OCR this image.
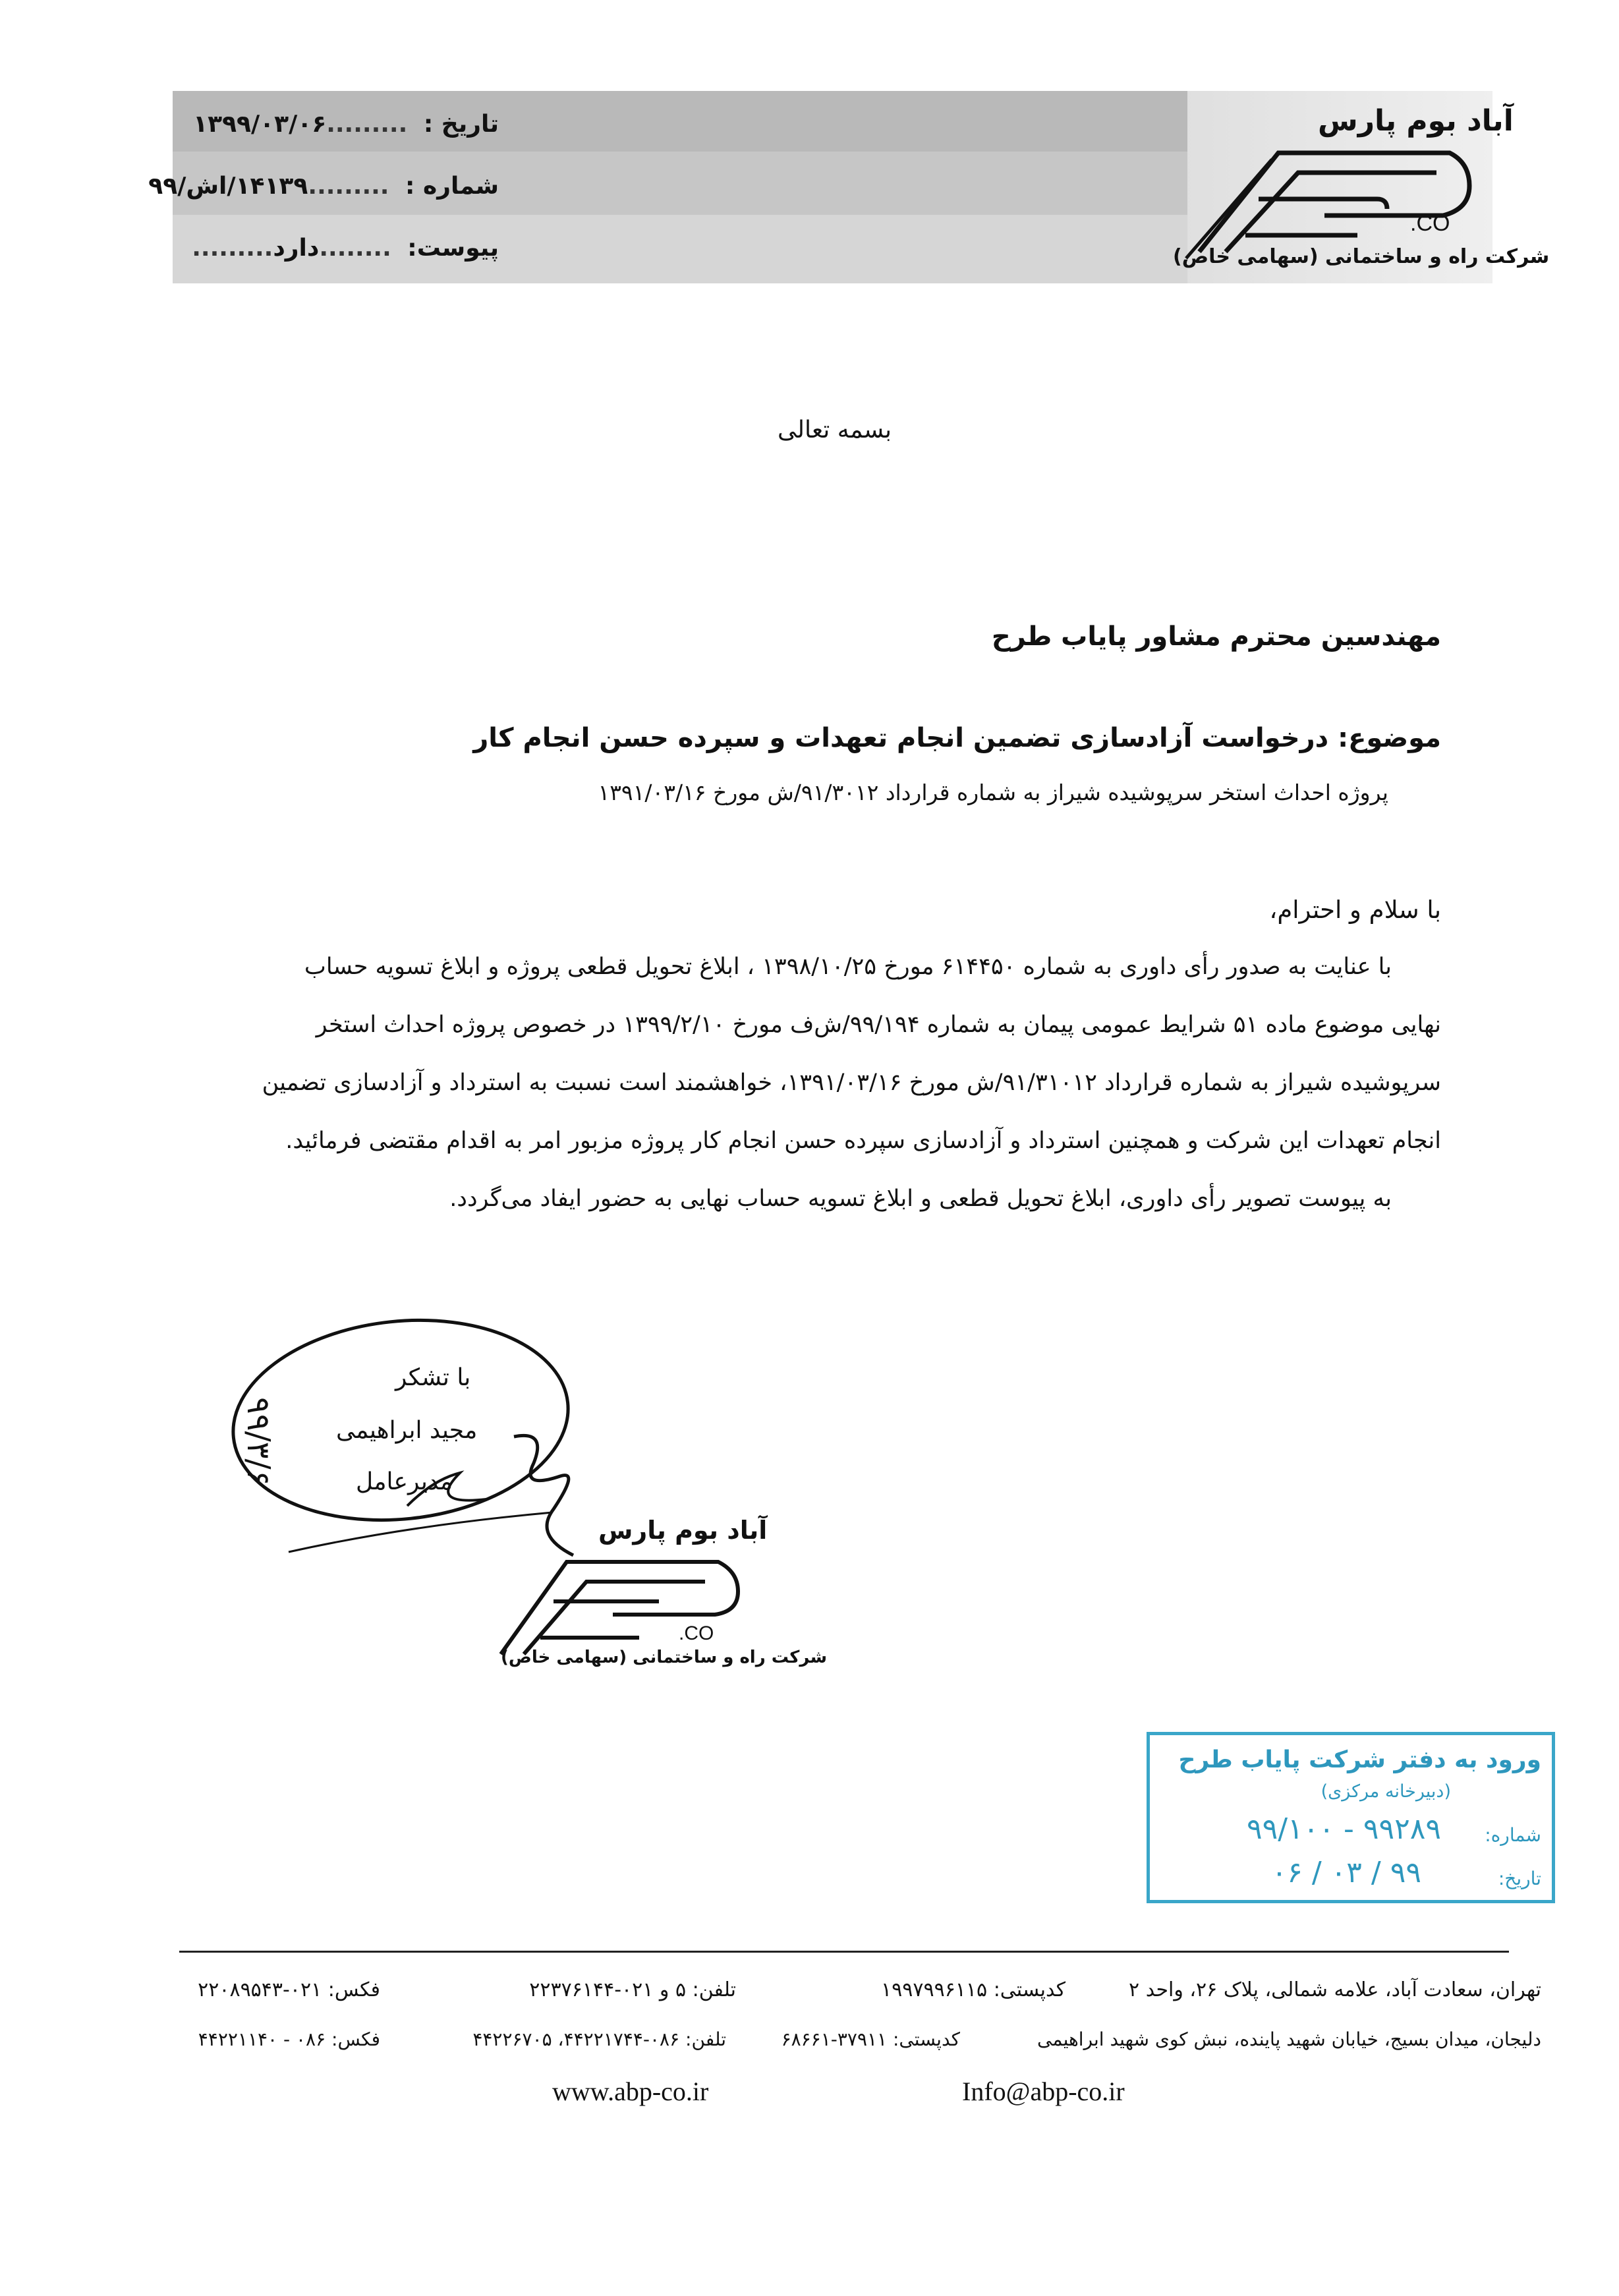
تاریخ : .........۱۳۹۹/۰۳/۰۶
شماره : .........۱۴۱۳۹/اش/۹۹
پیوست: ........دارد.........
آباد بوم پارس
CO.
شرکت راه و ساختمانی (سهامی خاص)
بسمه تعالی
مهندسین محترم مشاور پایاب طرح
موضوع: درخواست آزادسازی تضمین انجام تعهدات و سپرده حسن انجام کار
پروژه احداث استخر سرپوشیده شیراز به شماره قرارداد ۹۱/۳۰۱۲/ش مورخ ۱۳۹۱/۰۳/۱۶
با سلام و احترام،
با عنایت به صدور رأی داوری به شماره ۶۱۴۴۵۰ مورخ ۱۳۹۸/۱۰/۲۵ ، ابلاغ تحویل قطعی پروژه و ابلاغ تسویه حساب
نهایی موضوع ماده ۵۱ شرایط عمومی پیمان به شماره ۹۹/۱۹۴/ش‌ف مورخ ۱۳۹۹/۲/۱۰ در خصوص پروژه احداث استخر
سرپوشیده شیراز به شماره قرارداد ۹۱/۳۱۰۱۲/ش مورخ ۱۳۹۱/۰۳/۱۶، خواهشمند است نسبت به استرداد و آزادسازی تضمین
انجام تعهدات این شرکت و همچنین استرداد و آزادسازی سپرده حسن انجام کار پروژه مزبور امر به اقدام مقتضی فرمائید.
به پیوست تصویر رأی داوری، ابلاغ تحویل قطعی و ابلاغ تسویه حساب نهایی به حضور ایفاد می‌گردد.
با تشکر
مجید ابراهیمی
مدیرعامل
۹۹/۳/۶
آباد بوم پارس
CO.
شرکت راه و ساختمانی (سهامی خاص)
ورود به دفتر شرکت پایاب طرح
(دبیرخانه مرکزی)
شماره:
۹۹۲۸۹ - ۹۹/۱۰۰
تاریخ:
۹۹ / ۰۳ / ۰۶
تهران، سعادت آباد، علامه شمالی، پلاک ۲۶، واحد ۲
کدپستی: ۱۹۹۷۹۹۶۱۱۵
تلفن: ۵ و ۰۲۱-۲۲۳۷۶۱۴۴
فکس: ۰۲۱-۲۲۰۸۹۵۴۳
دلیجان، میدان بسیج، خیابان شهید پاینده، نبش کوی شهید ابراهیمی
کدپستی: ۳۷۹۱۱-۶۸۶۶۱
تلفن: ۰۸۶-۴۴۲۲۱۷۴۴، ۴۴۲۲۶۷۰۵
فکس: ۰۸۶ - ۴۴۲۲۱۱۴۰
www.abp-co.ir	Info@abp-co.ir
